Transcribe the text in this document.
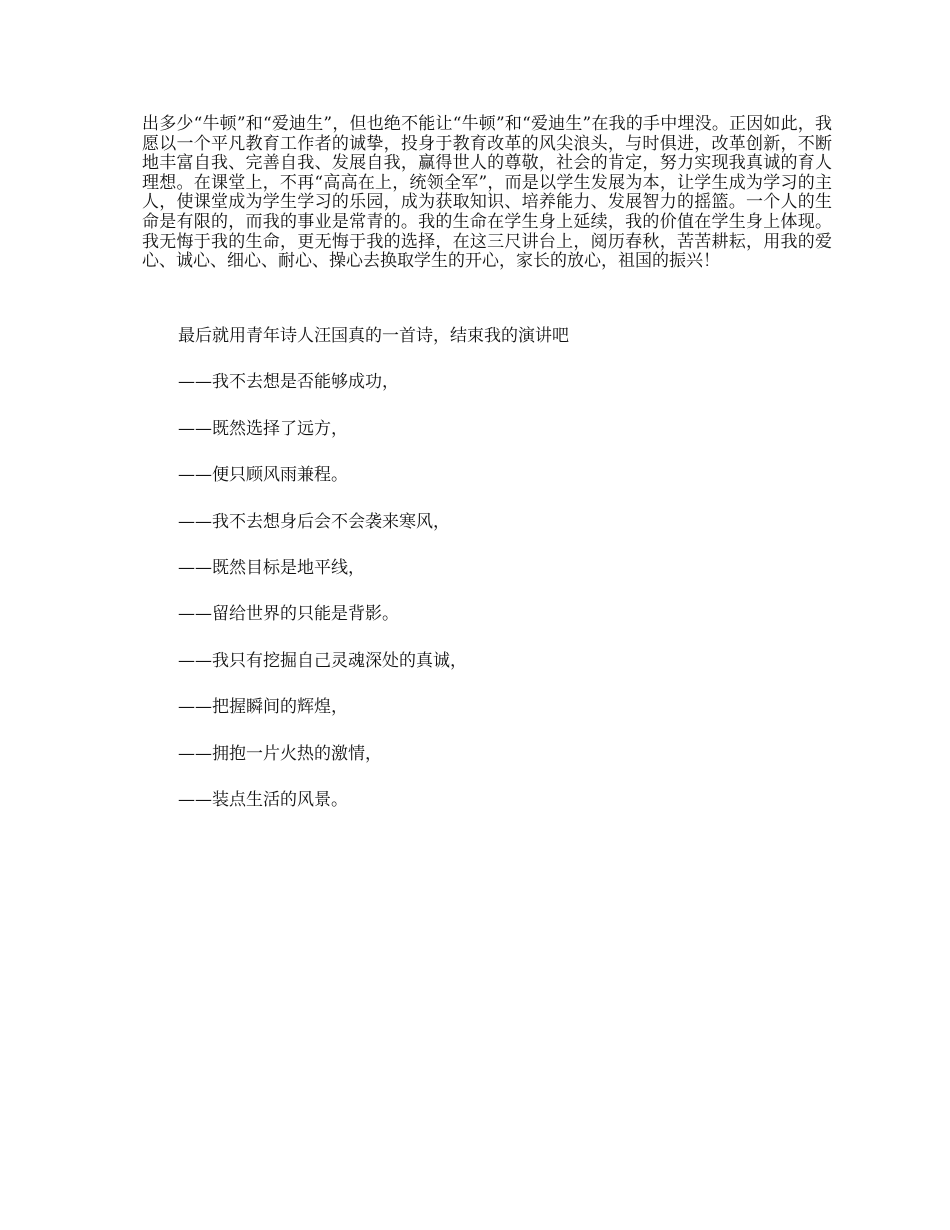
出多少“牛顿”和“爱迪生”，但也绝不能让“牛顿”和“爱迪生”在我的手中埋没。正因如此，我愿以一个平凡教育工作者的诚挚，投身于教育改革的风尖浪头，与时俱进，改革创新，不断地丰富自我、完善自我、发展自我，赢得世人的尊敬，社会的肯定，努力实现我真诚的育人理想。在课堂上，不再“高高在上，统领全军”，而是以学生发展为本，让学生成为学习的主人，使课堂成为学生学习的乐园，成为获取知识、培养能力、发展智力的摇篮。一个人的生命是有限的，而我的事业是常青的。我的生命在学生身上延续，我的价值在学生身上体现。我无悔于我的生命，更无悔于我的选择，在这三尺讲台上，阅历春秋，苦苦耕耘，用我的爱心、诚心、细心、耐心、操心去换取学生的开心，家长的放心，祖国的振兴！

最后就用青年诗人汪国真的一首诗，结束我的演讲吧
——我不去想是否能够成功，
——既然选择了远方，
——便只顾风雨兼程。
——我不去想身后会不会袭来寒风，
——既然目标是地平线，
——留给世界的只能是背影。
——我只有挖掘自己灵魂深处的真诚，
——把握瞬间的辉煌，
——拥抱一片火热的激情，
——装点生活的风景。
